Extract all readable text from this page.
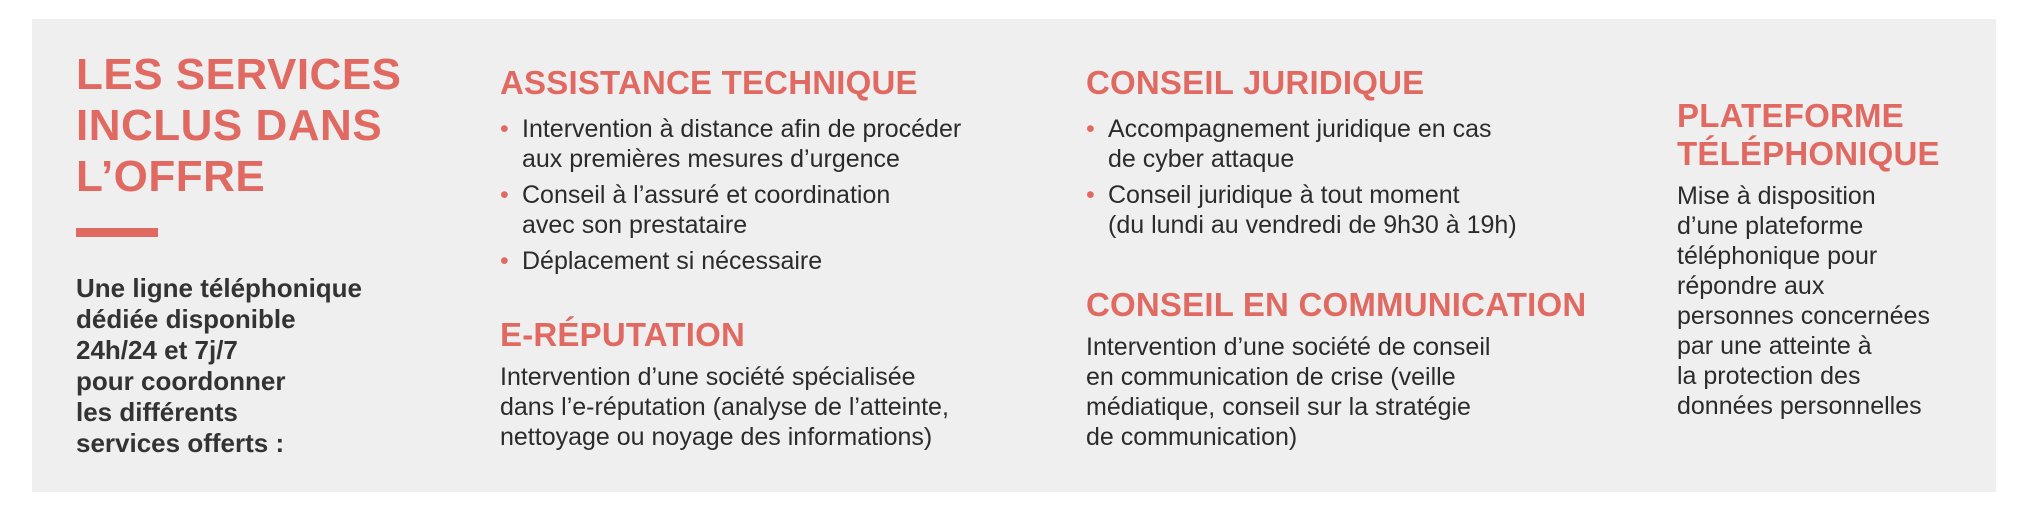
LES SERVICES
INCLUS DANS
L’OFFRE

Une ligne téléphonique
dédiée disponible
24h/24 et 7j/7
pour coordonner
les différents
services offerts :

ASSISTANCE TECHNIQUE
• Intervention à distance afin de procéder
aux premières mesures d’urgence
• Conseil à l’assuré et coordination
avec son prestataire
• Déplacement si nécessaire
E-RÉPUTATION

Intervention d’une société spécialisée
dans l’e-réputation (analyse de l’atteinte,
nettoyage ou noyage des informations)

CONSEIL JURIDIQUE
• Accompagnement juridique en cas
de cyber attaque
• Conseil juridique à tout moment
(du lundi au vendredi de 9h30 à 19h)
CONSEIL EN COMMUNICATION

Intervention d’une société de conseil
en communication de crise (veille
médiatique, conseil sur la stratégie
de communication)

PLATEFORME
TÉLÉPHONIQUE

Mise à disposition
d’une plateforme
téléphonique pour
répondre aux
personnes concernées
par une atteinte à
la protection des
données personnelles
